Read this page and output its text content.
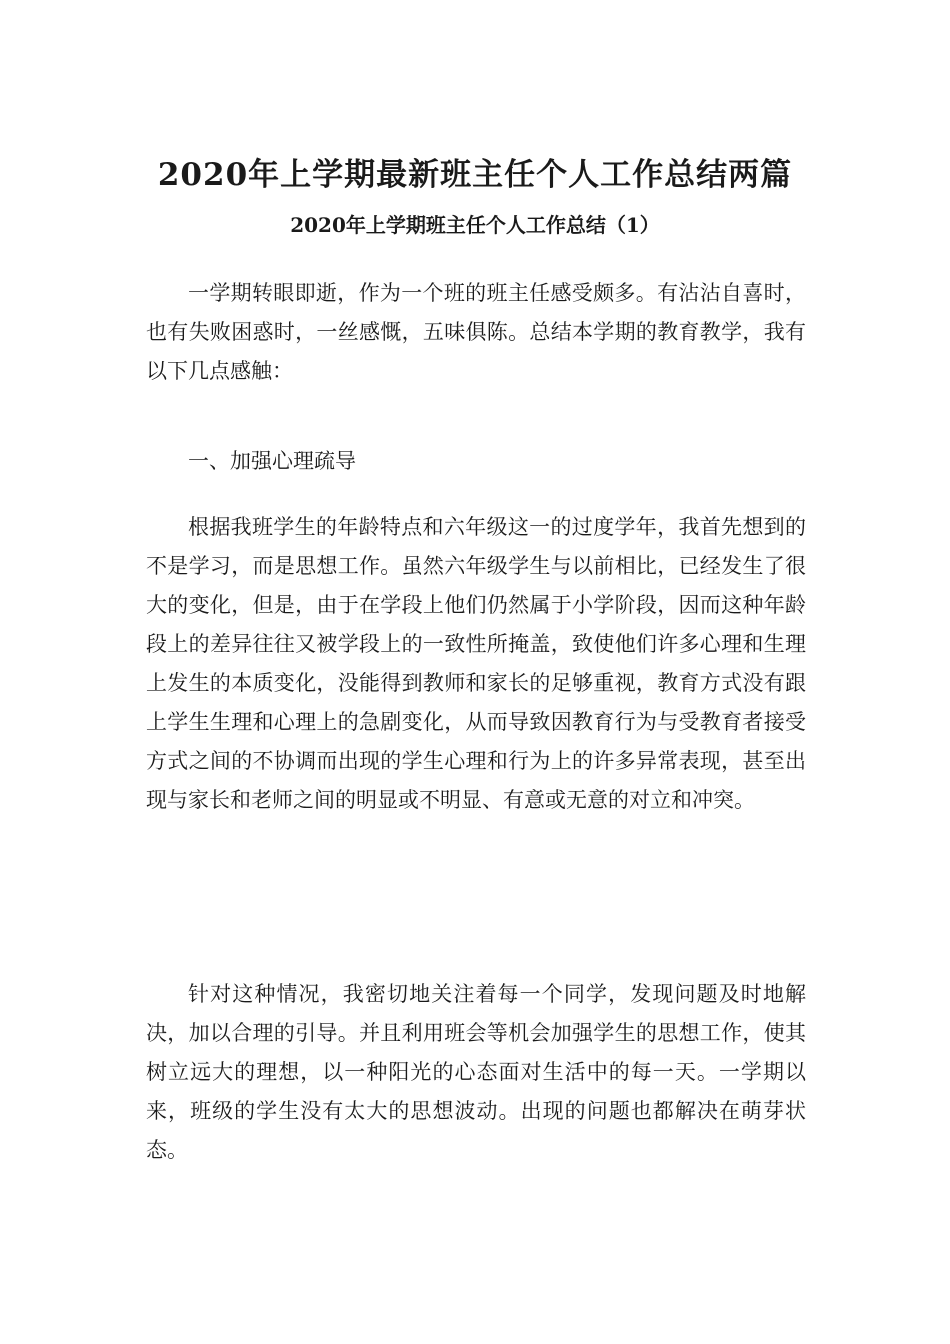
2020年上学期最新班主任个人工作总结两篇
2020年上学期班主任个人工作总结（1）

一学期转眼即逝，作为一个班的班主任感受颇多。有沾沾自喜时，也有失败困惑时，一丝感慨，五味俱陈。总结本学期的教育教学，我有以下几点感触：

一、加强心理疏导

根据我班学生的年龄特点和六年级这一的过度学年，我首先想到的不是学习，而是思想工作。虽然六年级学生与以前相比，已经发生了很大的变化，但是，由于在学段上他们仍然属于小学阶段，因而这种年龄段上的差异往往又被学段上的一致性所掩盖，致使他们许多心理和生理上发生的本质变化，没能得到教师和家长的足够重视，教育方式没有跟上学生生理和心理上的急剧变化，从而导致因教育行为与受教育者接受方式之间的不协调而出现的学生心理和行为上的许多异常表现，甚至出现与家长和老师之间的明显或不明显、有意或无意的对立和冲突。

针对这种情况，我密切地关注着每一个同学，发现问题及时地解决，加以合理的引导。并且利用班会等机会加强学生的思想工作，使其树立远大的理想，以一种阳光的心态面对生活中的每一天。一学期以来，班级的学生没有太大的思想波动。出现的问题也都解决在萌芽状态。
